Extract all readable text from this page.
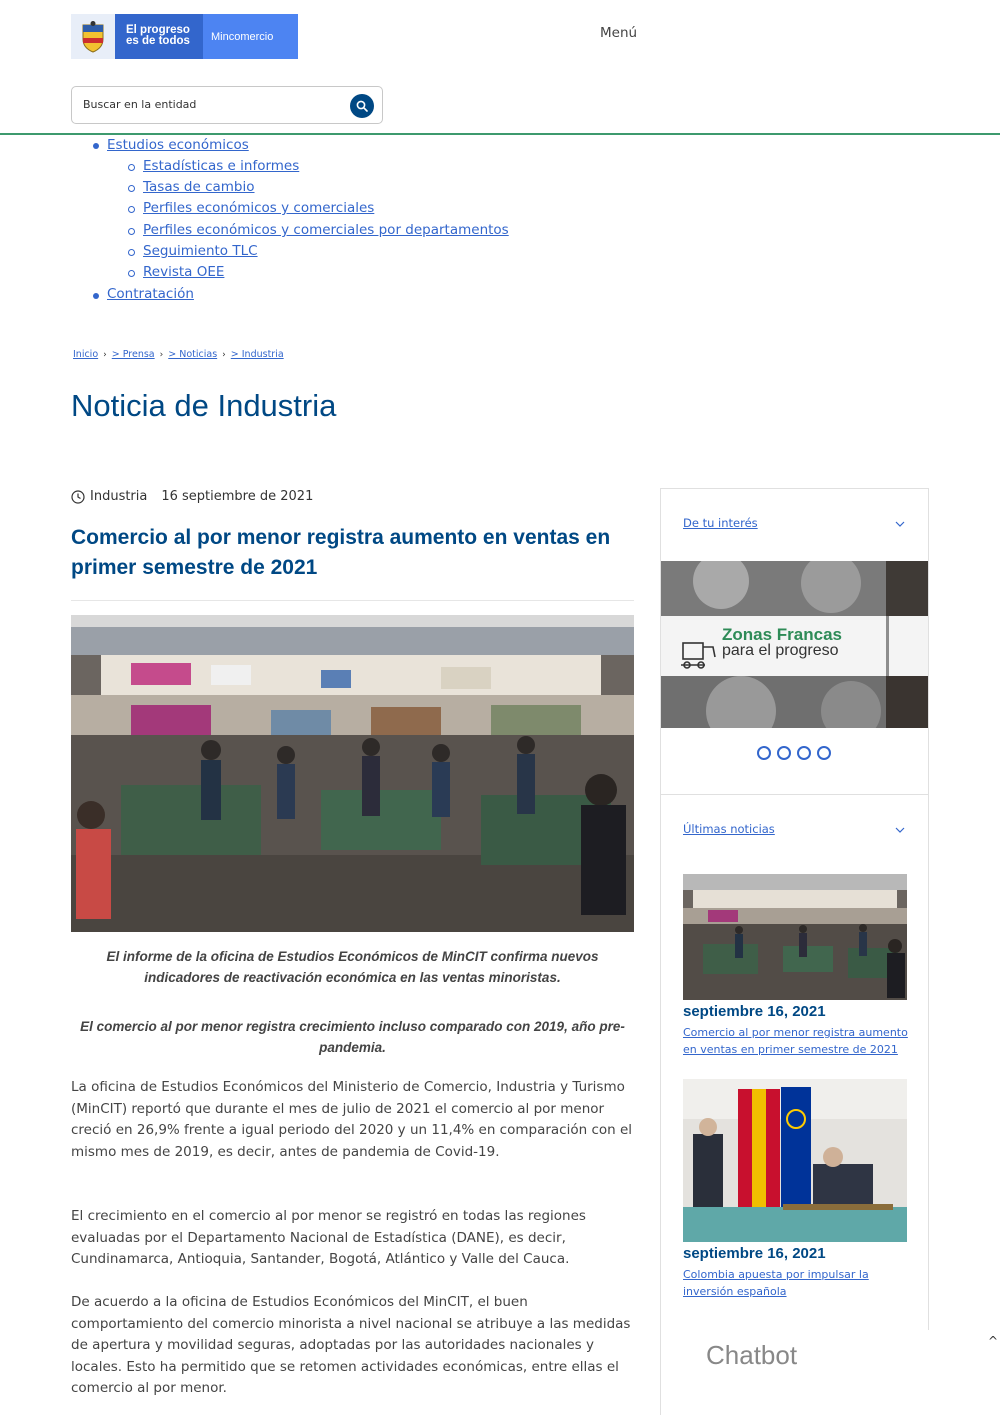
El progreso es de todos	Mincomercio	Menú
Buscar en la entidad
Estudios económicos
Estadísticas e informes
Tasas de cambio
Perfiles económicos y comerciales
Perfiles económicos y comerciales por departamentos
Seguimiento TLC
Revista OEE
Contratación
Inicio › > Prensa › > Noticias › > Industria
Noticia de Industria
Industria 16 septiembre de 2021
Comercio al por menor registra aumento en ventas en primer semestre de 2021

El informe de la oficina de Estudios Económicos de MinCIT confirma nuevos indicadores de reactivación económica en las ventas minoristas.

El comercio al por menor registra crecimiento incluso comparado con 2019, año pre-pandemia.

La oficina de Estudios Económicos del Ministerio de Comercio, Industria y Turismo (MinCIT) reportó que durante el mes de julio de 2021 el comercio al por menor creció en 26,9% frente a igual periodo del 2020 y un 11,4% en comparación con el mismo mes de 2019, es decir, antes de pandemia de Covid-19.

El crecimiento en el comercio al por menor se registró en todas las regiones evaluadas por el Departamento Nacional de Estadística (DANE), es decir, Cundinamarca, Antioquia, Santander, Bogotá, Atlántico y Valle del Cauca.

De acuerdo a la oficina de Estudios Económicos del MinCIT, el buen comportamiento del comercio minorista a nivel nacional se atribuye a las medidas de apertura y movilidad seguras, adoptadas por las autoridades nacionales y locales. Esto ha permitido que se retomen actividades económicas, entre ellas el comercio al por menor.

De tu interés
Zonas Francas
para el progreso
Últimas noticias
septiembre 16, 2021
Comercio al por menor registra aumento en ventas en primer semestre de 2021
septiembre 16, 2021
Colombia apuesta por impulsar la inversión española
Chatbot	^
